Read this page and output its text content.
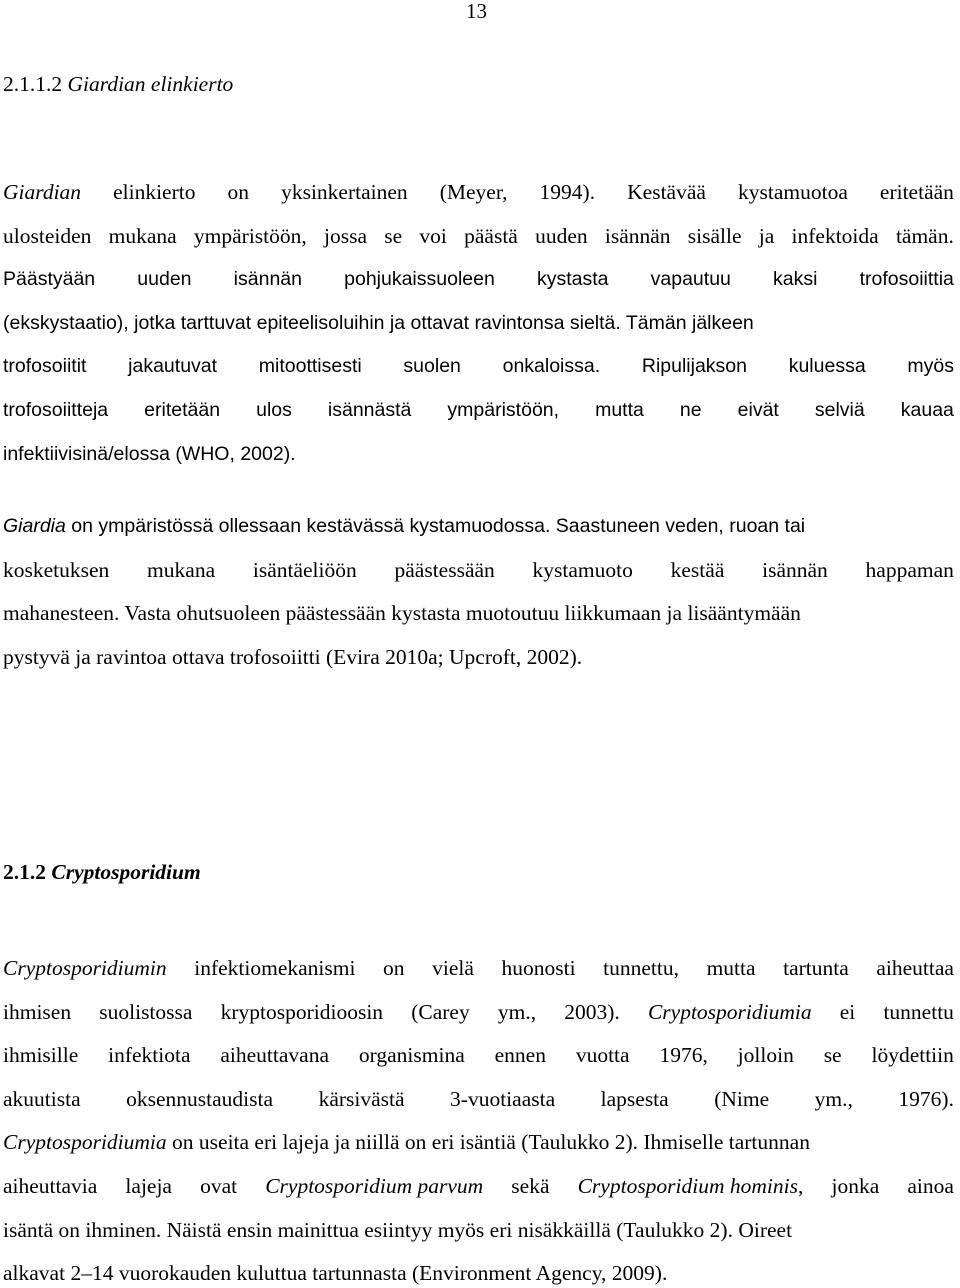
13
2.1.1.2 Giardian elinkierto
Giardian elinkierto on yksinkertainen (Meyer, 1994). Kestävää kystamuotoa eritetään
ulosteiden mukana ympäristöön, jossa se voi päästä uuden isännän sisälle ja infektoida tämän.
Päästyään uuden isännän pohjukaissuoleen kystasta vapautuu kaksi trofosoiittia
(ekskystaatio), jotka tarttuvat epiteelisoluihin ja ottavat ravintonsa sieltä. Tämän jälkeen
trofosoiitit jakautuvat mitoottisesti suolen onkaloissa. Ripulijakson kuluessa myös
trofosoiitteja eritetään ulos isännästä ympäristöön, mutta ne eivät selviä kauaa
infektiivisinä/elossa (WHO, 2002).
Giardia on ympäristössä ollessaan kestävässä kystamuodossa. Saastuneen veden, ruoan tai
kosketuksen mukana isäntäeliöön päästessään kystamuoto kestää isännän happaman
mahanesteen. Vasta ohutsuoleen päästessään kystasta muotoutuu liikkumaan ja lisääntymään
pystyvä ja ravintoa ottava trofosoiitti (Evira 2010a; Upcroft, 2002).
2.1.2 Cryptosporidium
Cryptosporidiumin infektiomekanismi on vielä huonosti tunnettu, mutta tartunta aiheuttaa
ihmisen suolistossa kryptosporidioosin (Carey ym., 2003). Cryptosporidiumia ei tunnettu
ihmisille infektiota aiheuttavana organismina ennen vuotta 1976, jolloin se löydettiin
akuutista oksennustaudista kärsivästä 3-vuotiaasta lapsesta (Nime ym., 1976).
Cryptosporidiumia on useita eri lajeja ja niillä on eri isäntiä (Taulukko 2). Ihmiselle tartunnan
aiheuttavia lajeja ovat Cryptosporidium parvum sekä Cryptosporidium hominis, jonka ainoa
isäntä on ihminen. Näistä ensin mainittua esiintyy myös eri nisäkkäillä (Taulukko 2). Oireet
alkavat 2–14 vuorokauden kuluttua tartunnasta (Environment Agency, 2009).
